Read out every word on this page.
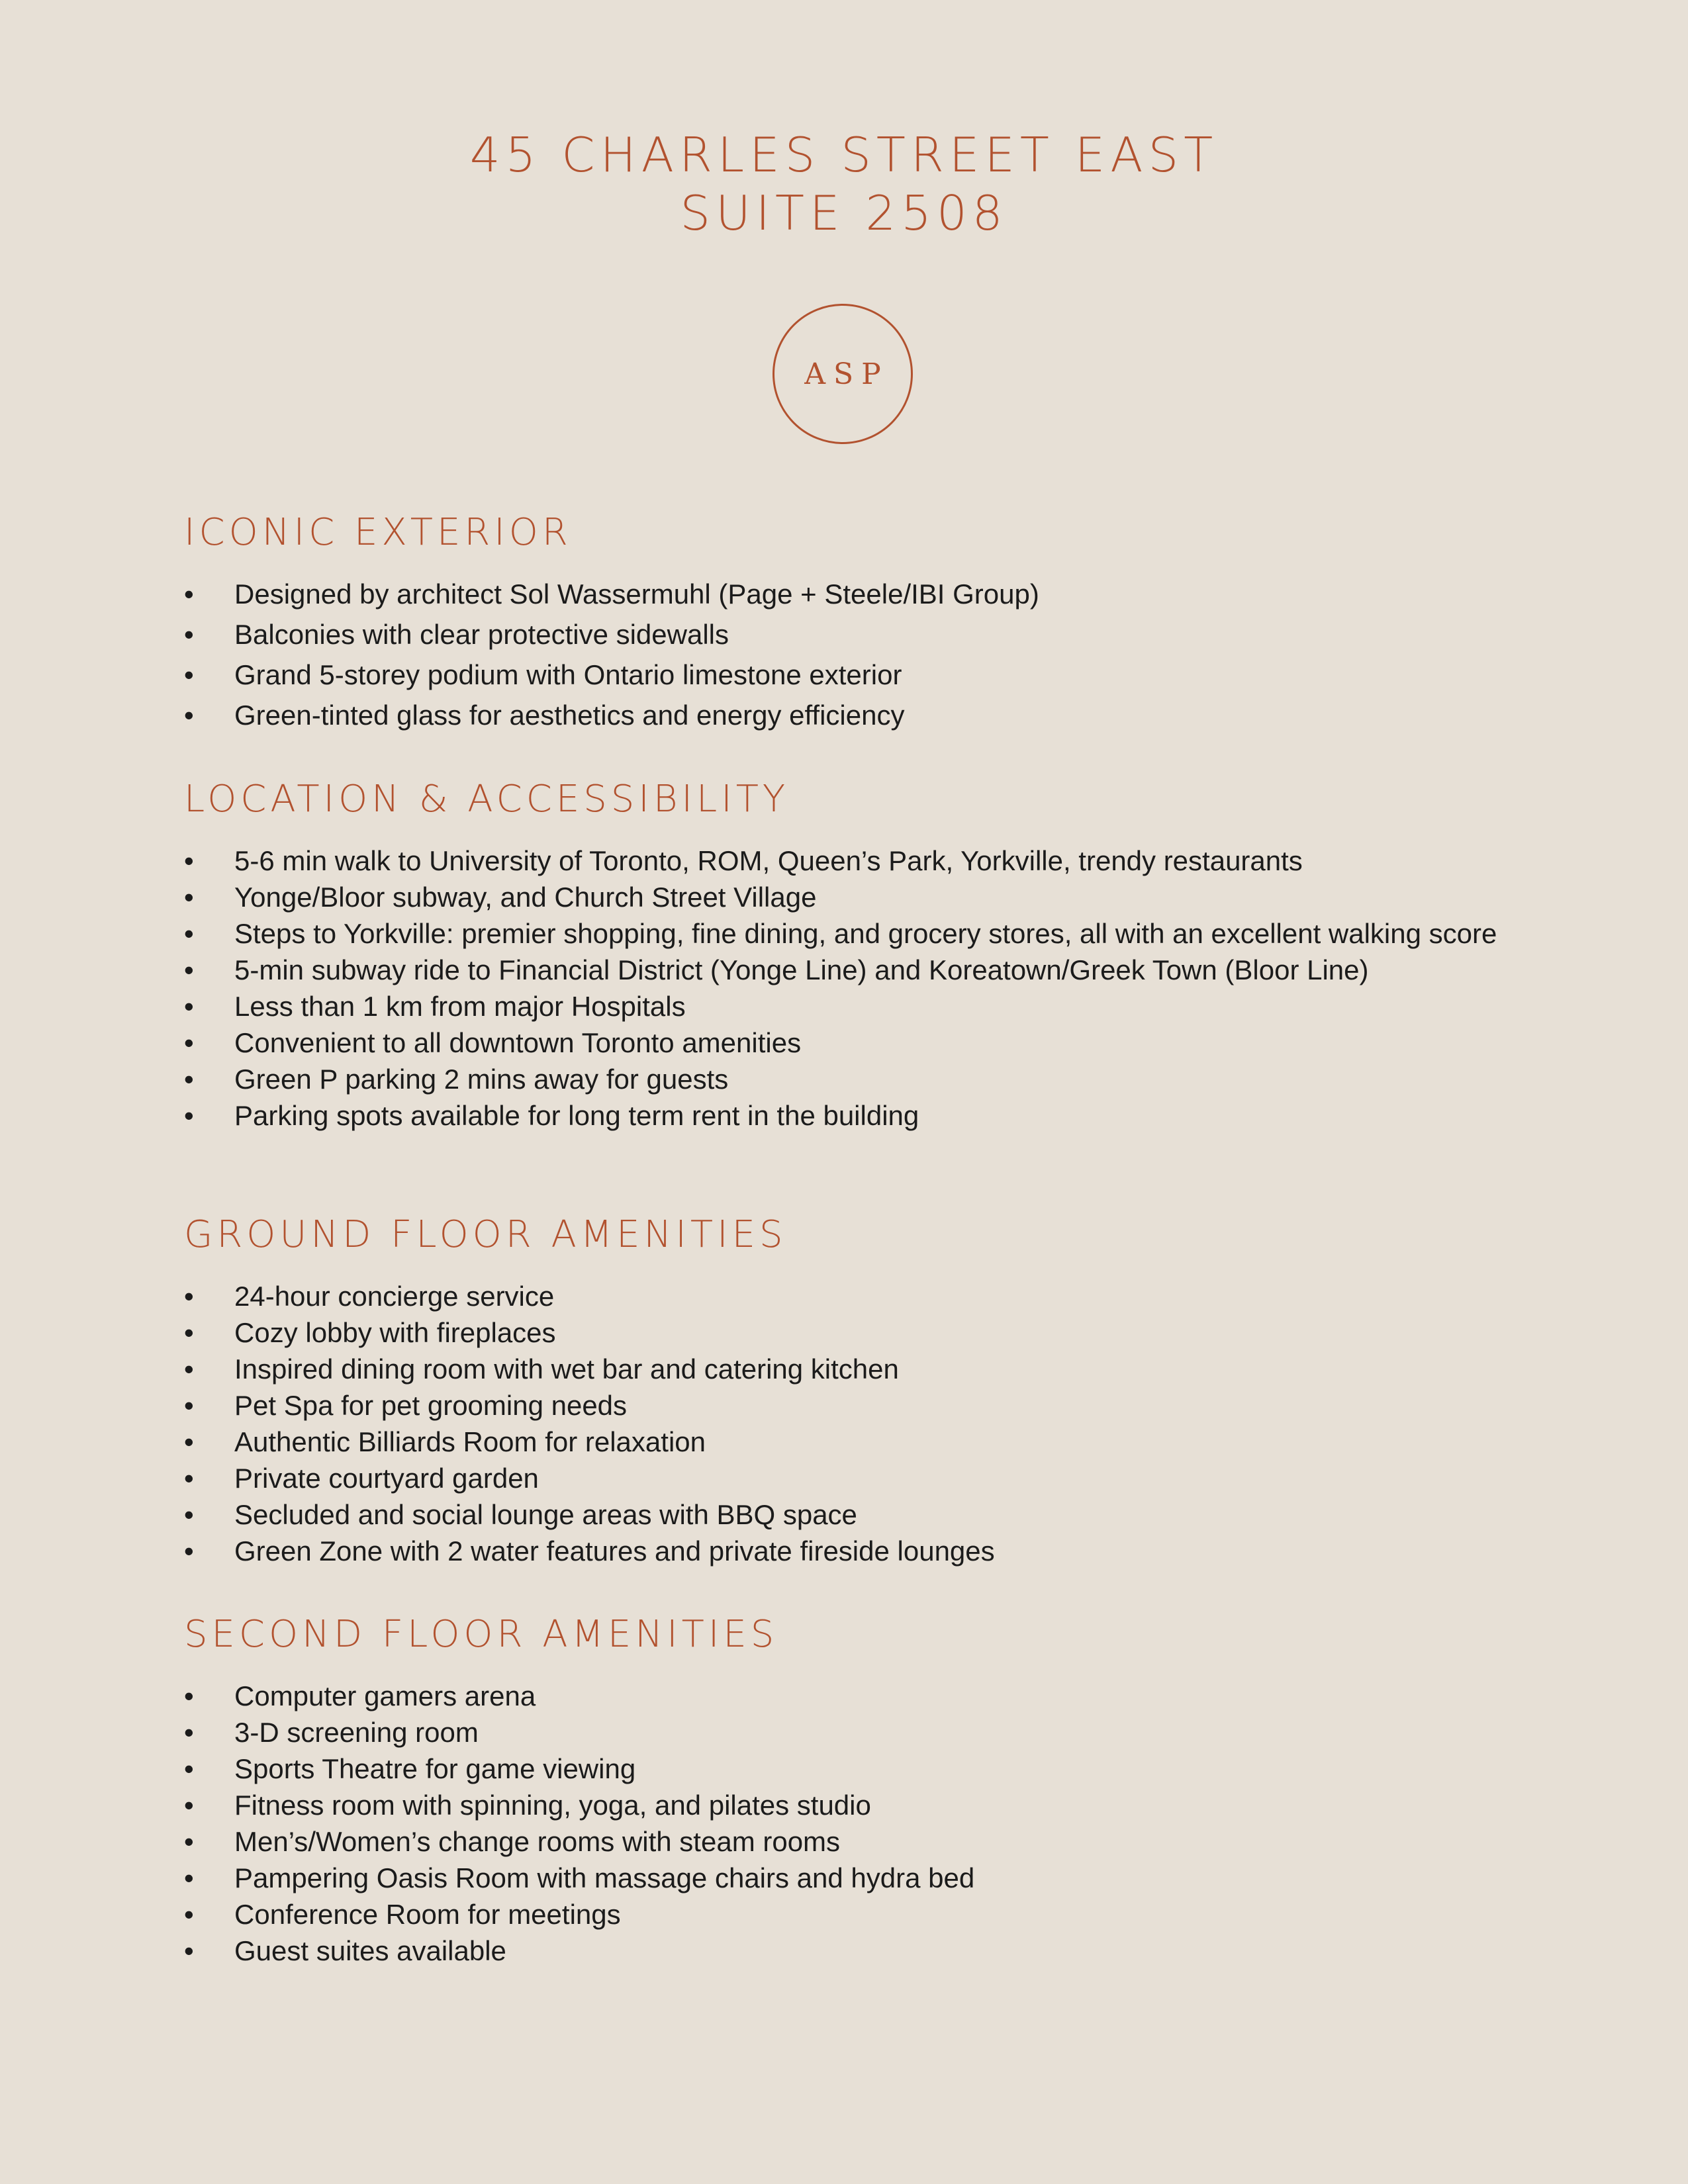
45 CHARLES STREET EAST
SUITE 2508
ASP
ICONIC EXTERIOR
• Designed by architect Sol Wassermuhl (Page + Steele/IBI Group)
• Balconies with clear protective sidewalls
• Grand 5-storey podium with Ontario limestone exterior
• Green-tinted glass for aesthetics and energy efficiency
LOCATION & ACCESSIBILITY
• 5-6 min walk to University of Toronto, ROM, Queen’s Park, Yorkville, trendy restaurants
• Yonge/Bloor subway, and Church Street Village
• Steps to Yorkville: premier shopping, fine dining, and grocery stores, all with an excellent walking score
• 5-min subway ride to Financial District (Yonge Line) and Koreatown/Greek Town (Bloor Line)
• Less than 1 km from major Hospitals
• Convenient to all downtown Toronto amenities
• Green P parking 2 mins away for guests
• Parking spots available for long term rent in the building
GROUND FLOOR AMENITIES
• 24-hour concierge service
• Cozy lobby with fireplaces
• Inspired dining room with wet bar and catering kitchen
• Pet Spa for pet grooming needs
• Authentic Billiards Room for relaxation
• Private courtyard garden
• Secluded and social lounge areas with BBQ space
• Green Zone with 2 water features and private fireside lounges
SECOND FLOOR AMENITIES
• Computer gamers arena
• 3-D screening room
• Sports Theatre for game viewing
• Fitness room with spinning, yoga, and pilates studio
• Men’s/Women’s change rooms with steam rooms
• Pampering Oasis Room with massage chairs and hydra bed
• Conference Room for meetings
• Guest suites available
